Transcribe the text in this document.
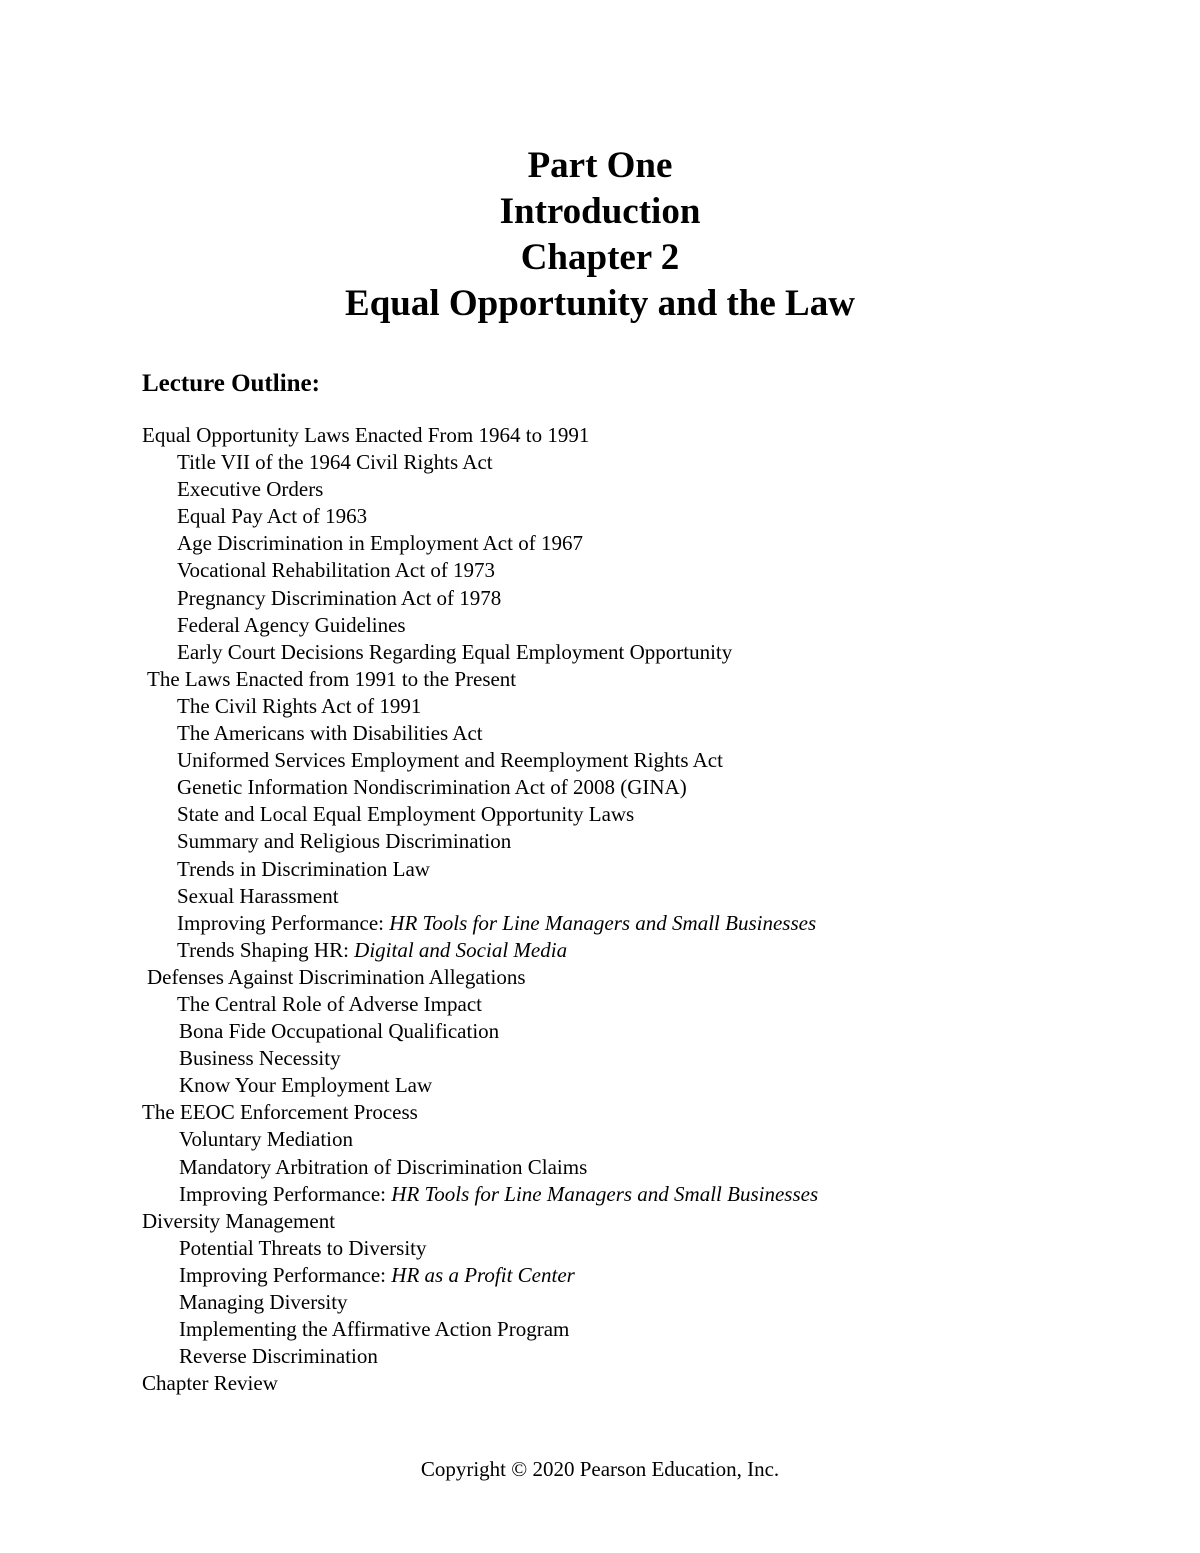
Part One

Introduction

Chapter 2

Equal Opportunity and the Law

Lecture Outline:

Equal Opportunity Laws Enacted From 1964 to 1991
Title VII of the 1964 Civil Rights Act
Executive Orders
Equal Pay Act of 1963
Age Discrimination in Employment Act of 1967
Vocational Rehabilitation Act of 1973
Pregnancy Discrimination Act of 1978
Federal Agency Guidelines
Early Court Decisions Regarding Equal Employment Opportunity
The Laws Enacted from 1991 to the Present
The Civil Rights Act of 1991
The Americans with Disabilities Act
Uniformed Services Employment and Reemployment Rights Act
Genetic Information Nondiscrimination Act of 2008 (GINA)
State and Local Equal Employment Opportunity Laws
Summary and Religious Discrimination
Trends in Discrimination Law
Sexual Harassment
Improving Performance: HR Tools for Line Managers and Small Businesses
Trends Shaping HR: Digital and Social Media
Defenses Against Discrimination Allegations
The Central Role of Adverse Impact
Bona Fide Occupational Qualification
Business Necessity
Know Your Employment Law
The EEOC Enforcement Process
Voluntary Mediation
Mandatory Arbitration of Discrimination Claims
Improving Performance: HR Tools for Line Managers and Small Businesses
Diversity Management
Potential Threats to Diversity
Improving Performance: HR as a Profit Center
Managing Diversity
Implementing the Affirmative Action Program
Reverse Discrimination
Chapter Review

Copyright © 2020 Pearson Education, Inc.
